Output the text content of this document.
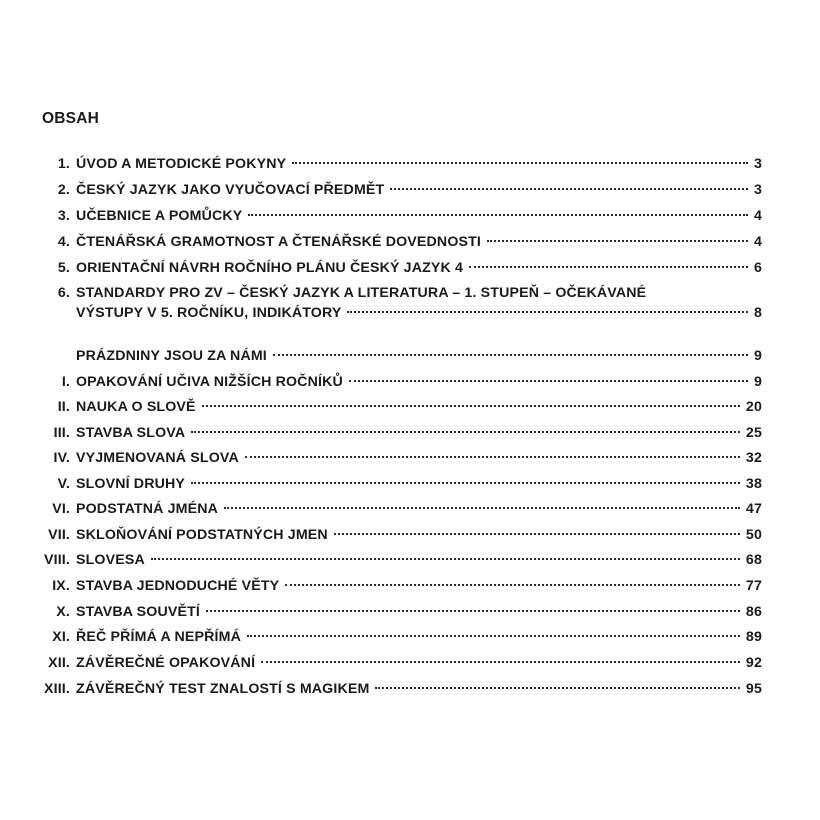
OBSAH
1. ÚVOD A METODICKÉ POKYNY	3
2. ČESKÝ JAZYK JAKO VYUČOVACÍ PŘEDMĚT	3
3. UČEBNICE A POMŮCKY	4
4. ČTENÁŘSKÁ GRAMOTNOST A ČTENÁŘSKÉ DOVEDNOSTI	4
5. ORIENTAČNÍ NÁVRH ROČNÍHO PLÁNU ČESKÝ JAZYK 4	6
6. STANDARDY PRO ZV – ČESKÝ JAZYK A LITERATURA – 1. STUPEŇ – OČEKÁVANÉ
VÝSTUPY V 5. ROČNÍKU, INDIKÁTORY	8
PRÁZDNINY JSOU ZA NÁMI	9
I. OPAKOVÁNÍ UČIVA NIŽŠÍCH ROČNÍKŮ	9
II. NAUKA O SLOVĚ	20
III. STAVBA SLOVA	25
IV. VYJMENOVANÁ SLOVA	32
V. SLOVNÍ DRUHY	38
VI. PODSTATNÁ JMÉNA	47
VII. SKLOŇOVÁNÍ PODSTATNÝCH JMEN	50
VIII. SLOVESA	68
IX. STAVBA JEDNODUCHÉ VĚTY	77
X. STAVBA SOUVĚTÍ	86
XI. ŘEČ PŘÍMÁ A NEPŘÍMÁ	89
XII. ZÁVĚREČNÉ OPAKOVÁNÍ	92
XIII. ZÁVĚREČNÝ TEST ZNALOSTÍ S MAGIKEM	95
